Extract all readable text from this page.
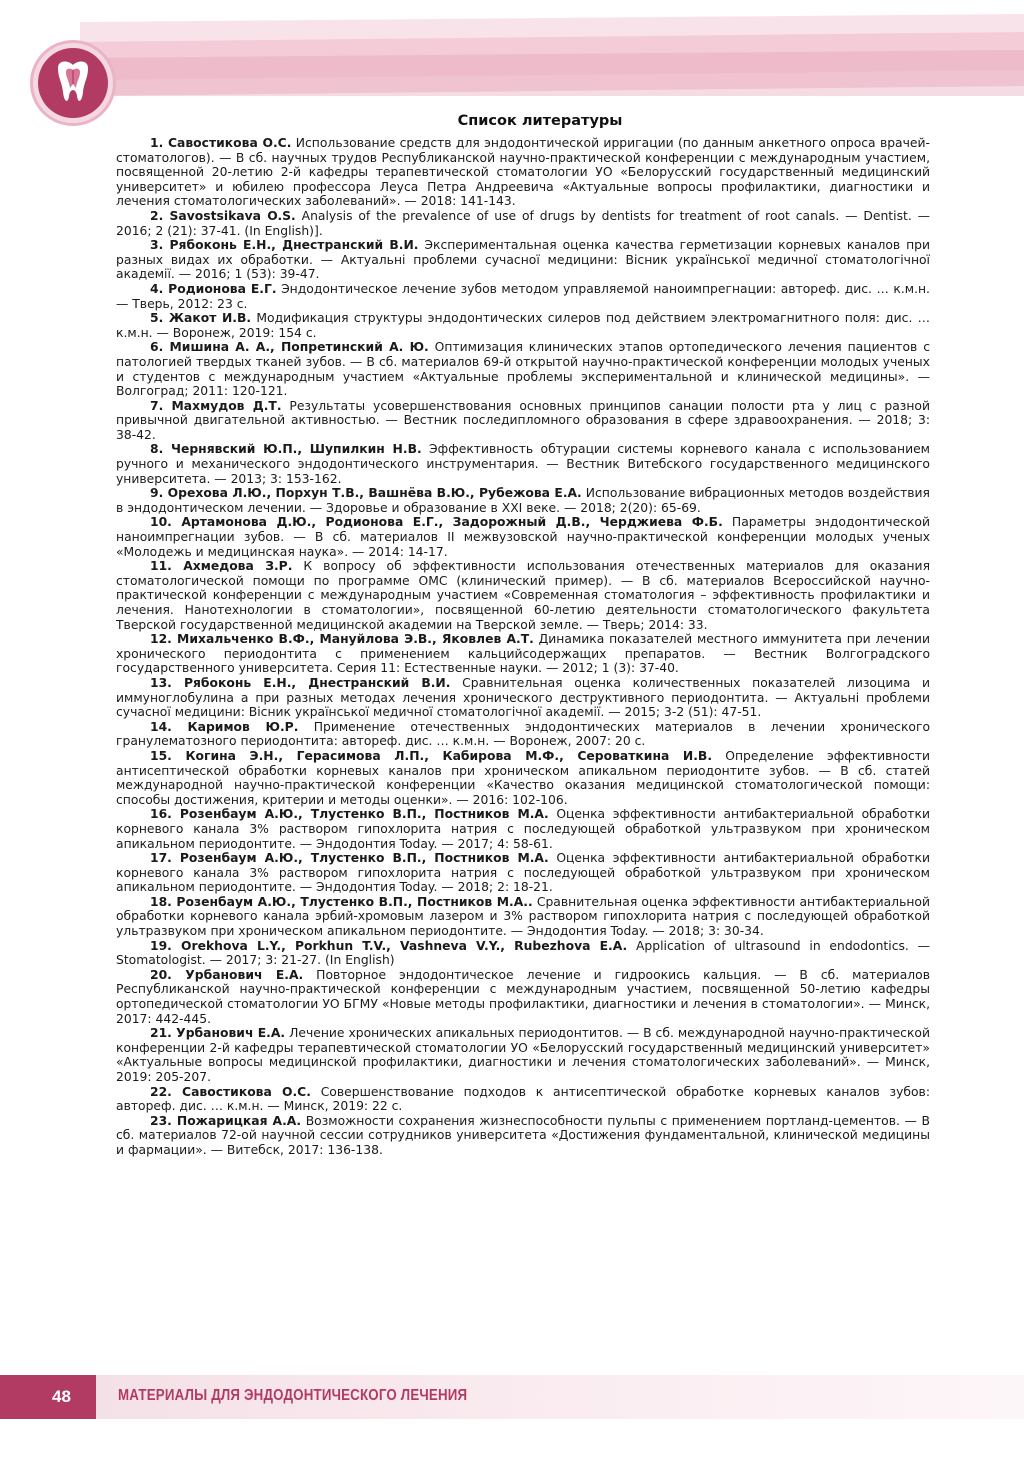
Список литературы

1. Савостикова О.С. Использование средств для эндодонтической ирригации (по данным анкетного опроса врачей-стоматологов). — В сб. научных трудов Республиканской научно-практической конференции с международным участием, посвященной 20-летию 2-й кафедры терапевтической стоматологии УО «Белорусский государственный медицинский университет» и юбилею профессора Леуса Петра Андреевича «Актуальные вопросы профилактики, диагностики и лечения стоматологических заболеваний». — 2018: 141-143.

2. Savostsikava O.S. Analysis of the prevalence of use of drugs by dentists for treatment of root canals. — Dentist. — 2016; 2 (21): 37-41. (In English)].

3. Рябоконь Е.Н., Днестранский В.И. Экспериментальная оценка качества герметизации корневых каналов при разных видах их обработки. — Актуальні проблеми сучасної медицини: Вісник української медичної стоматологічної академії. — 2016; 1 (53): 39-47.

4. Родионова Е.Г. Эндодонтическое лечение зубов методом управляемой наноимпрегнации: автореф. дис. … к.м.н. — Тверь, 2012: 23 с.

5. Жакот И.В. Модификация структуры эндодонтических силеров под действием электромагнитного поля: дис. … к.м.н. — Воронеж, 2019: 154 с.

6. Мишина А. А., Попретинский А. Ю. Оптимизация клинических этапов ортопедического лечения пациентов с патологией твердых тканей зубов. — В сб. материалов 69-й открытой научно-практической конференции молодых ученых и студентов с международным участием «Актуальные проблемы экспериментальной и клинической медицины». — Волгоград; 2011: 120-121.

7. Махмудов Д.Т. Результаты усовершенствования основных принципов санации полости рта у лиц с разной привычной двигательной активностью. — Вестник последипломного образования в сфере здравоохранения. — 2018; 3: 38-42.

8. Чернявский Ю.П., Шупилкин Н.В. Эффективность обтурации системы корневого канала с использованием ручного и механического эндодонтического инструментария. — Вестник Витебского государственного медицинского университета. — 2013; 3: 153-162.

9. Орехова Л.Ю., Порхун Т.В., Вашнёва В.Ю., Рубежова Е.А. Использование вибрационных методов воздействия в эндодонтическом лечении. — Здоровье и образование в XXI веке. — 2018; 2(20): 65-69.

10. Артамонова Д.Ю., Родионова Е.Г., Задорожный Д.В., Черджиева Ф.Б. Параметры эндодонтической наноимпрегнации зубов. — В сб. материалов II межвузовской научно-практической конференции молодых ученых «Молодежь и медицинская наука». — 2014: 14-17.

11. Ахмедова З.Р. К вопросу об эффективности использования отечественных материалов для оказания стоматологической помощи по программе ОМС (клинический пример). — В сб. материалов Всероссийской научно-практической конференции с международным участием «Современная стоматология – эффективность профилактики и лечения. Нанотехнологии в стоматологии», посвященной 60-летию деятельности стоматологического факультета Тверской государственной медицинской академии на Тверской земле. — Тверь; 2014: 33.

12. Михальченко В.Ф., Мануйлова Э.В., Яковлев А.Т. Динамика показателей местного иммунитета при лечении хронического периодонтита с применением кальцийсодержащих препаратов. — Вестник Волгоградского государственного университета. Серия 11: Естественные науки. — 2012; 1 (3): 37-40.

13. Рябоконь Е.Н., Днестранский В.И. Сравнительная оценка количественных показателей лизоцима и иммуноглобулина а при разных методах лечения хронического деструктивного периодонтита. — Актуальні проблеми сучасної медицини: Вісник української медичної стоматологічної академії. — 2015; 3-2 (51): 47-51.

14. Каримов Ю.Р. Применение отечественных эндодонтических материалов в лечении хронического гранулематозного периодонтита: автореф. дис. … к.м.н. — Воронеж, 2007: 20 с.

15. Когина Э.Н., Герасимова Л.П., Кабирова М.Ф., Сероваткина И.В. Определение эффективности антисептической обработки корневых каналов при хроническом апикальном периодонтите зубов. — В сб. статей международной научно-практической конференции «Качество оказания медицинской стоматологической помощи: способы достижения, критерии и методы оценки». — 2016: 102-106.

16. Розенбаум А.Ю., Тлустенко В.П., Постников М.А. Оценка эффективности антибактериальной обработки корневого канала 3% раствором гипохлорита натрия с последующей обработкой ультразвуком при хроническом апикальном периодонтите. — Эндодонтия Today. — 2017; 4: 58-61.

17. Розенбаум А.Ю., Тлустенко В.П., Постников М.А. Оценка эффективности антибактериальной обработки корневого канала 3% раствором гипохлорита натрия с последующей обработкой ультразвуком при хроническом апикальном периодонтите. — Эндодонтия Today. — 2018; 2: 18-21.

18. Розенбаум А.Ю., Тлустенко В.П., Постников М.А.. Сравнительная оценка эффективности антибактериальной обработки корневого канала эрбий-хромовым лазером и 3% раствором гипохлорита натрия с последующей обработкой ультразвуком при хроническом апикальном периодонтите. — Эндодонтия Today. — 2018; 3: 30-34.

19. Orekhova L.Y., Porkhun T.V., Vashneva V.Y., Rubezhova E.A. Application of ultrasound in endodontics. — Stomatologist. — 2017; 3: 21-27. (In English)

20. Урбанович Е.А. Повторное эндодонтическое лечение и гидроокись кальция. — В сб. материалов Республиканской научно-практической конференции с международным участием, посвященной 50-летию кафедры ортопедической стоматологии УО БГМУ «Новые методы профилактики, диагностики и лечения в стоматологии». — Минск, 2017: 442-445.

21. Урбанович Е.А. Лечение хронических апикальных периодонтитов. — В сб. международной научно-практической конференции 2-й кафедры терапевтической стоматологии УО «Белорусский государственный медицинский университет» «Актуальные вопросы медицинской профилактики, диагностики и лечения стоматологических заболеваний». — Минск, 2019: 205-207.

22. Савостикова О.С. Совершенствование подходов к антисептической обработке корневых каналов зубов: автореф. дис. … к.м.н. — Минск, 2019: 22 с.

23. Пожарицкая А.А. Возможности сохранения жизнеспособности пульпы с применением портланд-цементов. — В сб. материалов 72-ой научной сессии сотрудников университета «Достижения фундаментальной, клинической медицины и фармации». — Витебск, 2017: 136-138.

48	МАТЕРИАЛЫ ДЛЯ ЭНДОДОНТИЧЕСКОГО ЛЕЧЕНИЯ
